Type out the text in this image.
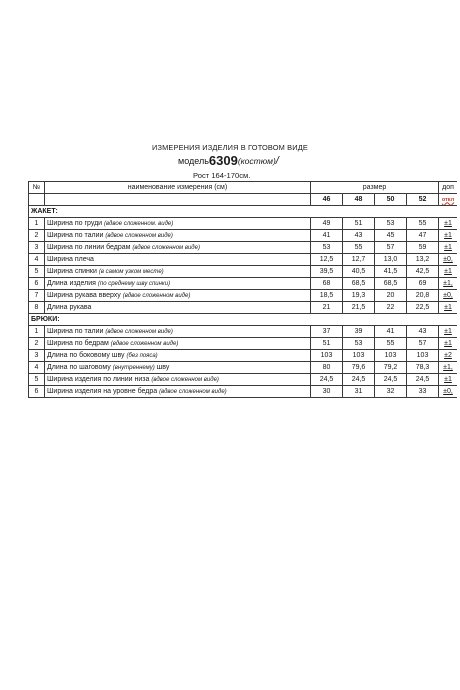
ИЗМЕРЕНИЯ ИЗДЕЛИЯ В ГОТОВОМ ВИДЕ
модель6309(костюм)/
Рост 164-170см.
№	наименование измерения (см)	размер				доп
		46	48	50	52	откл
ЖАКЕТ:						
1	Ширина по груди (вдвое сложенном. виде)	49	51	53	55	±1
2	Ширина по талии (вдвое сложенном виде)	41	43	45	47	±1
3	Ширина по линии бедрам (вдвое сложенном виде)	53	55	57	59	±1
4	Ширина плеча	12,5	12,7	13,0	13,2	±0,
5	Ширина спинки (в самом узком месте)	39,5	40,5	41,5	42,5	±1
6	Длина изделия (по среднему шву спинки)	68	68,5	68,5	69	±1,
7	Ширина рукава вверху (вдвое сложенном виде)	18,5	19,3	20	20,8	±0,
8	Длина рукава	21	21,5	22	22,5	±1
БРЮКИ:						
1	Ширина по талии (вдвое сложенном виде)	37	39	41	43	±1
2	Ширина по бедрам (вдвое сложенном виде)	51	53	55	57	±1
3	Длина по боковому шву (без пояса)	103	103	103	103	±2
4	Длина по шаговому (внутреннему) шву	80	79,6	79,2	78,3	±1,
5	Ширина изделия по линии низа (вдвое сложенном виде)	24,5	24,5	24,5	24,5	±1
6	Ширина изделия на уровне бедра (вдвое сложенном виде)	30	31	32	33	±0,
